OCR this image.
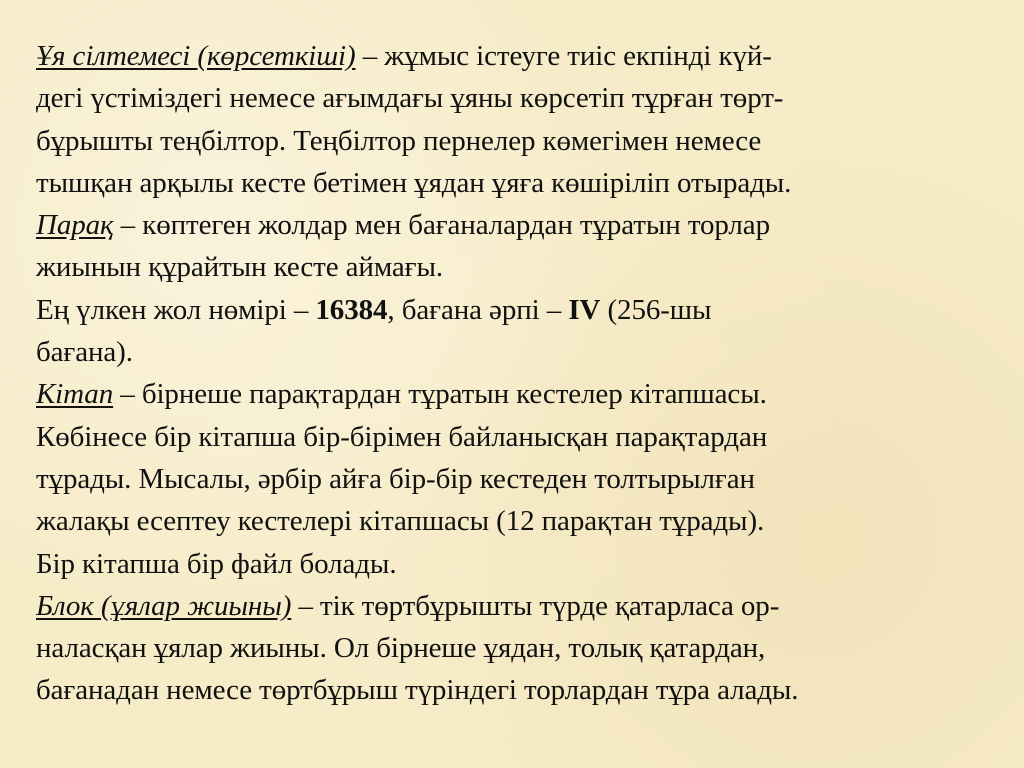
Ұя сілтемесі (көрсеткіші) – жұмыс істеуге тиіс екпінді күй-
дегі үстіміздегі немесе ағымдағы ұяны көрсетіп тұрған төрт-
бұрышты теңбілтор. Теңбілтор пернелер көмегімен немесе
тышқан арқылы кесте бетімен ұядан ұяға көшіріліп отырады.
Парақ – көптеген жолдар мен бағаналардан тұратын торлар
жиынын құрайтын кесте аймағы.
Ең үлкен жол нөмірі – 16384, бағана әрпі – IV (256-шы
бағана).
Кітап – бірнеше парақтардан тұратын кестелер кітапшасы.
Көбінесе бір кітапша бір-бірімен байланысқан парақтардан
тұрады. Мысалы, әрбір айға бір-бір кестеден толтырылған
жалақы есептеу кестелері кітапшасы (12 парақтан тұрады).
Бір кітапша бір файл болады.
Блок (ұялар жиыны) – тік төртбұрышты түрде қатарласа ор-
наласқан ұялар жиыны. Ол бірнеше ұядан, толық қатардан,
бағанадан немесе төртбұрыш түріндегі торлардан тұра алады.
